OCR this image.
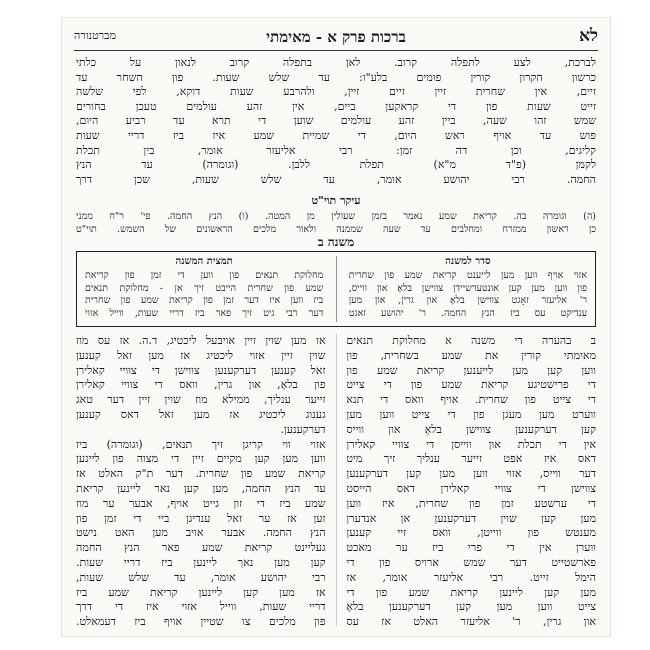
לא
ברכות פרק א - מאימתי
מברטנורה
לברכת, לצע לתפלה קרוב. לאן בתפלה קרוב לנאון על כלתי
כרשון הקרון קורין פומים בלע"ו: עד שלש שעות. פון השחר עד
זיים, אין שחרית זיין זיים זיין, ולהרבע שעות דוקא, לפי שלשה
זייט שעות פון די קראקען ביים, אין זהע עולמים טעכן בחורים
שמש זהו שעה, ביין זהע עולמים שוען די תרא עד רביע היום,
פוש עד אויף ראש היום, די שמיית שמע איז ביז דריי שעות
קליגים, וכן דה זמן: רבי אליעזר אומר, בין תכלת
לקמן (פ"ד מ"א) תפלת ללבן. (וגומרה) עד הנץ
החמה. רבי יהושע אומר, עד שלש שעות, שכן דרך
עיקר תוי"ט
(ה) וגומרה בה. קריאת שמע נאמר בזמן שעולין מן המטה. (ו) הנץ החמה. פי' ר"ח ממני
כן ראשון ממזרח ומחלבים עד שעה שממנה ולאור מלכים הראשונים של השמש. תוי"ט
משנה ב
סדר למשנה
אזוי אויף ווען מען לייענט קריאת שמע פון שחרית
פון ווען מען קען אונטערשיידן צווישן בלאָ און ווייס,
ר' אליעזר זאָגט צווישן בלאָ און גרין, און מען
ענדיקט עס ביז הנץ החמה. ר' יהושע זאגט
תמצית המשנה
מחלוקת תנאים פון ווען די זמן פון קריאת
שמע פון שחרית הייבט זיך אן - מחלוקת תנאים
ביז ווען איז דער זמן פון קריאת שמע פון שחרית
דער רבי גיט זיך פאר ביז דריי שעות, ווייל אזוי
ב בהערה די משנה א מחלוקת תנאים
מאימתי קורין את שמע בשחרית, פון
ווען קען מען לייענען קריאת שמע פון
די פרישטיגע קריאת שמע פון די צייט
די צייט פון שחרית. אויף וואס די תנא
ווערט מען מעגן פון די צייט ווען מען
קען דערקענען צווישן בלאָ און ווייס
אין די תכלת און ווייסן די צוויי קאלירן
דאס איז אפט זייער ענליך זיך מיט
דער ווייס, אזוי ווען מען קען דערקענען
צווישן די צוויי קאלירן דאס הייסט
די ערשטע זמן פון שחרית, איז ווען
מען קען שוין דערקענען אן אנדערן
מענטש פון ווייטן, וואס זיי קענען
ווערן אין די פרי ביז ער מאכט
פארשטייט דער שמש ארויס פון די
הימל זייט. רבי אליעזר אומר, אז
מען קען ליינען קריאת שמע פון די
צייט ווען מען קען דערקענען בלאָ
און גרין, ר' אליעזר האלט אז עס
אז מען שוין זיין אויבעל ליכטיג, ד.ה. אז עס מוז
שוין זיין אזוי ליכטיג אז מען זאל קענען
זאל קענען דערקענען צווישן די צוויי קאלירן
פון בלאָ, און גרין, וואס די צוויי קאלירן
זייער ענליך, ממילא מוז שוין זיין דער טאג
גענוג ליכטיג אז מען זאל דאס קענען
דערקענען.
אזוי ווי קריגן זיך תנאים, (וגומרה) ביז
ווען מען קען מקיים זיין די מצוה פון ליינען
קריאת שמע פון שחרית. דער ת"ק האלט אז
עד הנץ החמה, מען קען נאר ליינען קריאת
שמע ביז די זון גייט אויף, אבער ער מוז
זען אז ער זאל ענדיגן ביי די זמן פון
הנץ החמה. אבער אויב מען האט נישט
געליינט קריאת שמע פאר הנץ החמה
קען מען נאך ליינען ביז דריי שעות.
רבי יהושע אומר, עד שלש שעות,
אז מען קען ליינען קריאת שמע ביז
דריי שעות, ווייל אזוי איז די דרך
פון מלכים צו שטיין אויף ביז דעמאלט.
